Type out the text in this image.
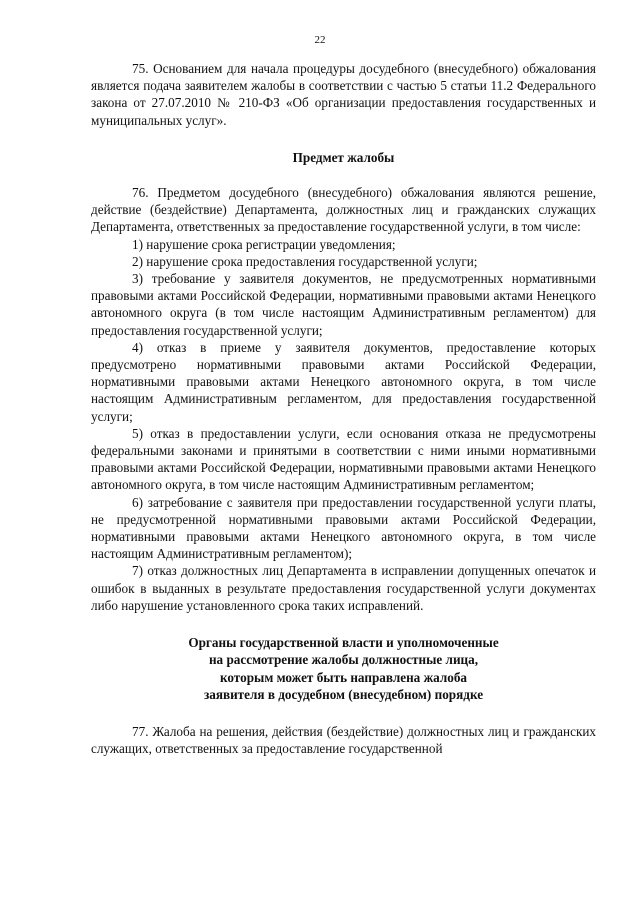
22

75. Основанием для начала процедуры досудебного (внесудебного) обжалования является подача заявителем жалобы в соответствии с частью 5 статьи 11.2 Федерального закона от 27.07.2010 № 210-ФЗ «Об организации предоставления государственных и муниципальных услуг».

Предмет жалобы

76. Предметом досудебного (внесудебного) обжалования являются решение, действие (бездействие) Департамента, должностных лиц и гражданских служащих Департамента, ответственных за предоставление государственной услуги, в том числе:

1) нарушение срока регистрации уведомления;

2) нарушение срока предоставления государственной услуги;

3) требование у заявителя документов, не предусмотренных нормативными правовыми актами Российской Федерации, нормативными правовыми актами Ненецкого автономного округа (в том числе настоящим Административным регламентом) для предоставления государственной услуги;

4) отказ в приеме у заявителя документов, предоставление которых предусмотрено нормативными правовыми актами Российской Федерации, нормативными правовыми актами Ненецкого автономного округа, в том числе настоящим Административным регламентом, для предоставления государственной услуги;

5) отказ в предоставлении услуги, если основания отказа не предусмотрены федеральными законами и принятыми в соответствии с ними иными нормативными правовыми актами Российской Федерации, нормативными правовыми актами Ненецкого автономного округа, в том числе настоящим Административным регламентом;

6) затребование с заявителя при предоставлении государственной услуги платы, не предусмотренной нормативными правовыми актами Российской Федерации, нормативными правовыми актами Ненецкого автономного округа, в том числе настоящим Административным регламентом);

7) отказ должностных лиц Департамента в исправлении допущенных опечаток и ошибок в выданных в результате предоставления государственной услуги документах либо нарушение установленного срока таких исправлений.

Органы государственной власти и уполномоченные

на рассмотрение жалобы должностные лица,

которым может быть направлена жалоба

заявителя в досудебном (внесудебном) порядке

77. Жалоба на решения, действия (бездействие) должностных лиц и гражданских служащих, ответственных за предоставление государственной
